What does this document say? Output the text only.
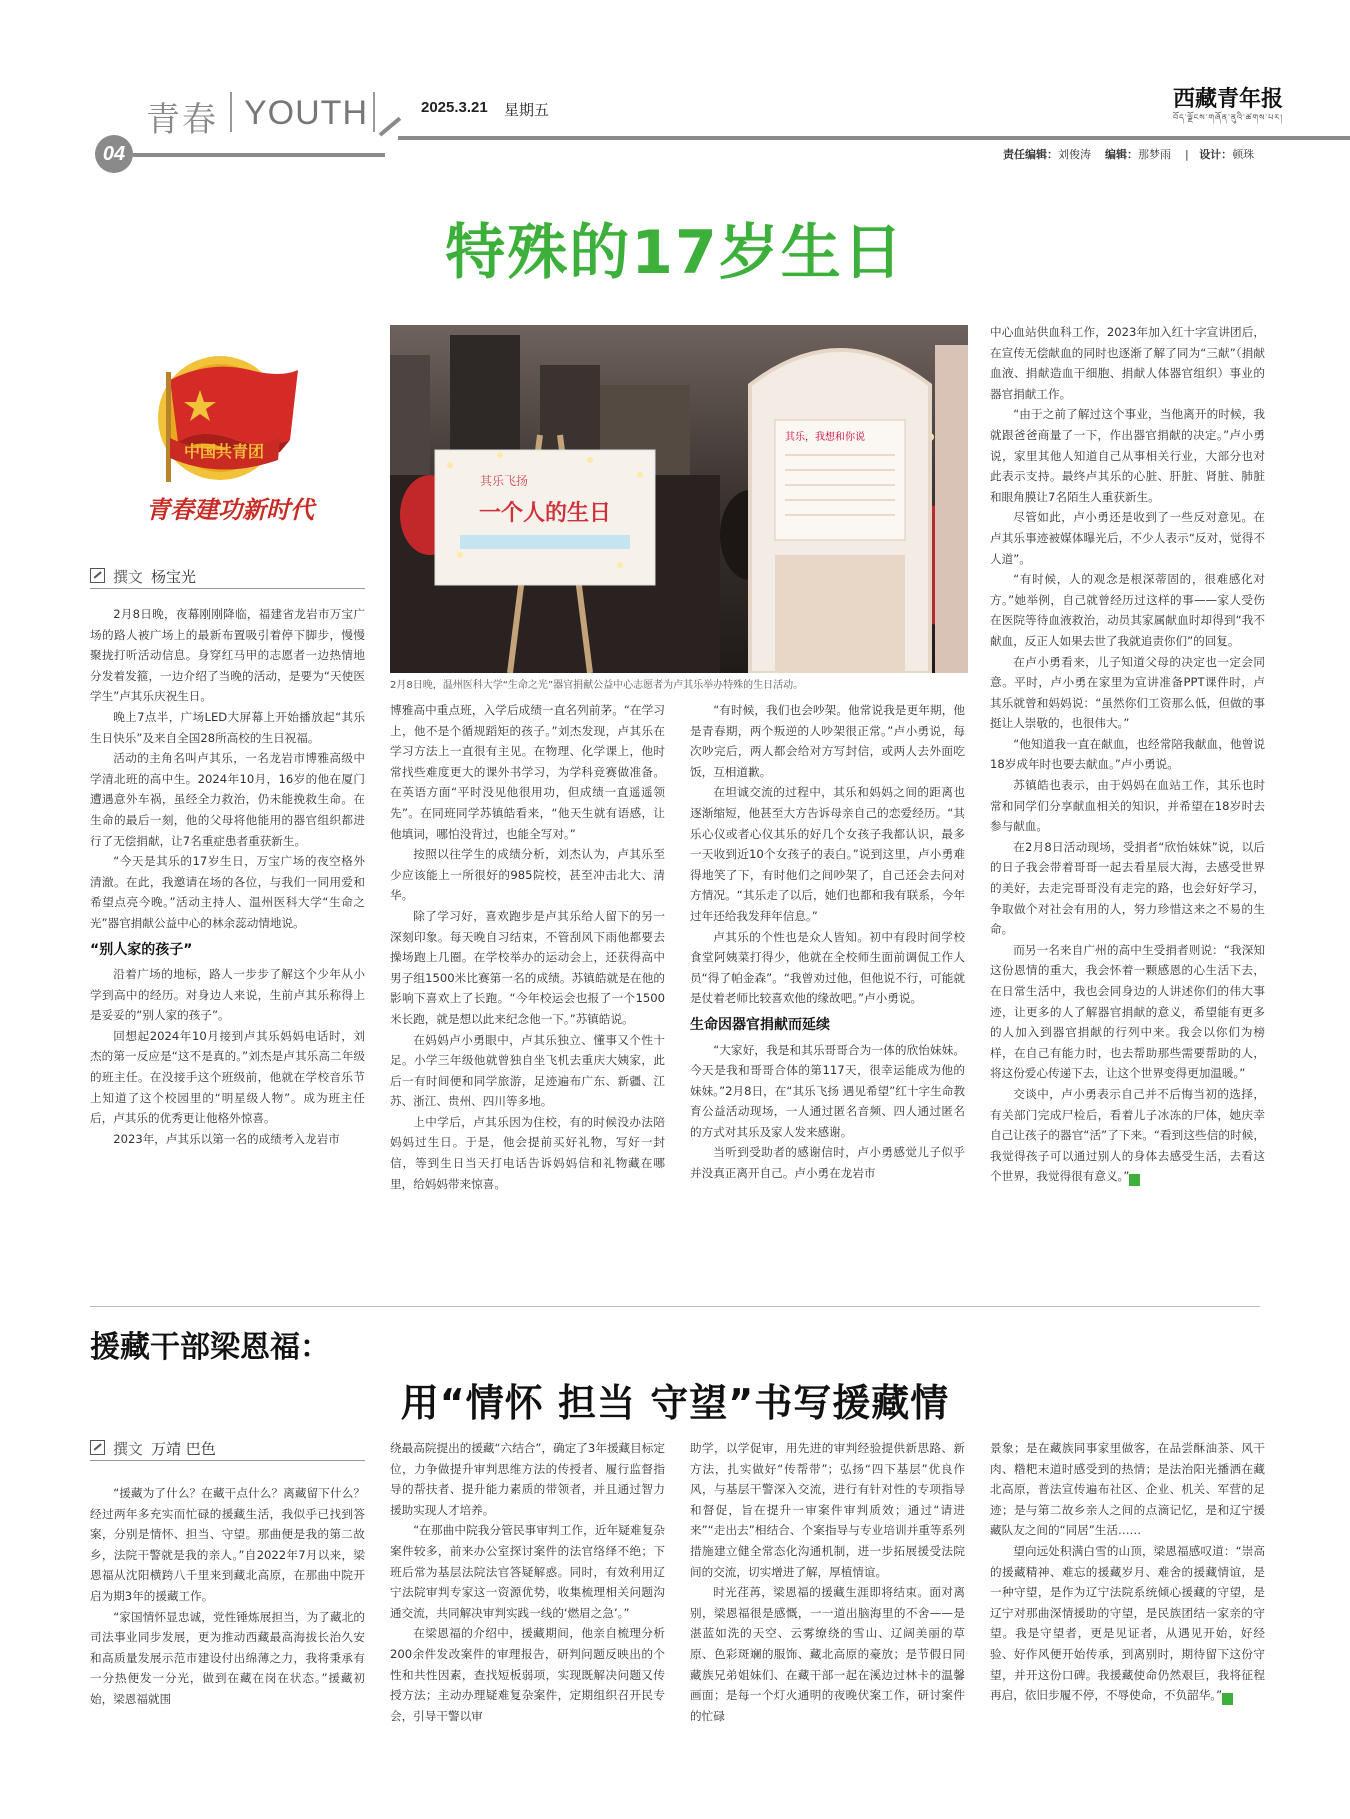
青春 YOUTH	2025.3.21 星期五	西藏青年报
བོད་ལྗོངས་གཞོན་ནུའི་ཚགས་པར།
04	责任编辑：刘俊涛 编辑：那梦雨    |   设计：顿珠
特殊的17岁生日
中国共青团
青春建功新时代
撰文 杨宝光
其乐飞扬
一个人的生日
其乐，我想和你说
2月8日晚，温州医科大学“生命之光”器官捐献公益中心志愿者为卢其乐举办特殊的生日活动。

2月8日晚，夜幕刚刚降临，福建省龙岩市万宝广场的路人被广场上的最新布置吸引着停下脚步，慢慢聚拢打听活动信息。身穿红马甲的志愿者一边热情地分发着发箍，一边介绍了当晚的活动，是要为“天使医学生”卢其乐庆祝生日。

晚上7点半，广场LED大屏幕上开始播放起“其乐生日快乐”及来自全国28所高校的生日祝福。

活动的主角名叫卢其乐，一名龙岩市博雅高级中学清北班的高中生。2024年10月，16岁的他在厦门遭遇意外车祸，虽经全力救治，仍未能挽救生命。在生命的最后一刻，他的父母将他能用的器官组织都进行了无偿捐献，让7名重症患者重获新生。

“今天是其乐的17岁生日，万宝广场的夜空格外清澈。在此，我邀请在场的各位，与我们一同用爱和希望点亮今晚。”活动主持人、温州医科大学“生命之光”器官捐献公益中心的林余蕊动情地说。

“别人家的孩子”

沿着广场的地标，路人一步步了解这个少年从小学到高中的经历。对身边人来说，生前卢其乐称得上是妥妥的“别人家的孩子”。

回想起2024年10月接到卢其乐妈妈电话时，刘杰的第一反应是“这不是真的。”刘杰是卢其乐高二年级的班主任。在没接手这个班级前，他就在学校音乐节上知道了这个校园里的“明星级人物”。成为班主任后，卢其乐的优秀更让他格外惊喜。

2023年，卢其乐以第一名的成绩考入龙岩市

博雅高中重点班，入学后成绩一直名列前茅。“在学习上，他不是个循规蹈矩的孩子。”刘杰发现，卢其乐在学习方法上一直很有主见。在物理、化学课上，他时常找些难度更大的课外书学习，为学科竞赛做准备。在英语方面“平时没见他很用功，但成绩一直遥遥领先”。在同班同学苏镇皓看来，“他天生就有语感，让他填词，哪怕没背过，也能全写对。”

按照以往学生的成绩分析，刘杰认为，卢其乐至少应该能上一所很好的985院校，甚至冲击北大、清华。

除了学习好，喜欢跑步是卢其乐给人留下的另一深刻印象。每天晚自习结束，不管刮风下雨他都要去操场跑上几圈。在学校举办的运动会上，还获得高中男子组1500米比赛第一名的成绩。苏镇皓就是在他的影响下喜欢上了长跑。“今年校运会也报了一个1500米长跑，就是想以此来纪念他一下。”苏镇皓说。

在妈妈卢小勇眼中，卢其乐独立、懂事又个性十足。小学三年级他就曾独自坐飞机去重庆大姨家，此后一有时间便和同学旅游，足迹遍布广东、新疆、江苏、浙江、贵州、四川等多地。

上中学后，卢其乐因为住校，有的时候没办法陪妈妈过生日。于是，他会提前买好礼物，写好一封信，等到生日当天打电话告诉妈妈信和礼物藏在哪里，给妈妈带来惊喜。

“有时候，我们也会吵架。他常说我是更年期，他是青春期，两个叛逆的人吵架很正常。”卢小勇说，每次吵完后，两人都会给对方写封信，或两人去外面吃饭，互相道歉。

在坦诚交流的过程中，其乐和妈妈之间的距离也逐渐缩短，他甚至大方告诉母亲自己的恋爱经历。“其乐心仪或者心仪其乐的好几个女孩子我都认识，最多一天收到近10个女孩子的表白。”说到这里，卢小勇难得地笑了下，有时他们之间吵架了，自己还会去问对方情况。“其乐走了以后，她们也都和我有联系，今年过年还给我发拜年信息。”

卢其乐的个性也是众人皆知。初中有段时间学校食堂阿姨菜打得少，他就在全校师生面前调侃工作人员“得了帕金森”。“我曾劝过他，但他说不行，可能就是仗着老师比较喜欢他的缘故吧。”卢小勇说。

生命因器官捐献而延续

“大家好，我是和其乐哥哥合为一体的欣怡妹妹。今天是我和哥哥合体的第117天，很幸运能成为他的妹妹。”2月8日，在“其乐飞扬 遇见希望”红十字生命教育公益活动现场，一人通过匿名音频、四人通过匿名的方式对其乐及家人发来感谢。

当听到受助者的感谢信时，卢小勇感觉儿子似乎并没真正离开自己。卢小勇在龙岩市

中心血站供血科工作，2023年加入红十字宣讲团后，在宣传无偿献血的同时也逐渐了解了同为“三献”（捐献血液、捐献造血干细胞、捐献人体器官组织）事业的器官捐献工作。

“由于之前了解过这个事业，当他离开的时候，我就跟爸爸商量了一下，作出器官捐献的决定。”卢小勇说，家里其他人知道自己从事相关行业，大部分也对此表示支持。最终卢其乐的心脏、肝脏、肾脏、肺脏和眼角膜让7名陌生人重获新生。

尽管如此，卢小勇还是收到了一些反对意见。在卢其乐事迹被媒体曝光后，不少人表示“反对，觉得不人道”。

“有时候，人的观念是根深蒂固的，很难感化对方。”她举例，自己就曾经历过这样的事——家人受伤在医院等待血液救治，动员其家属献血时却得到“我不献血，反正人如果去世了我就追责你们”的回复。

在卢小勇看来，儿子知道父母的决定也一定会同意。平时，卢小勇在家里为宣讲准备PPT课件时，卢其乐就曾和妈妈说：“虽然你们工资那么低，但做的事挺让人崇敬的，也很伟大。”

“他知道我一直在献血，也经常陪我献血，他曾说18岁成年时也要去献血。”卢小勇说。

苏镇皓也表示，由于妈妈在血站工作，其乐也时常和同学们分享献血相关的知识，并希望在18岁时去参与献血。

在2月8日活动现场，受捐者“欣怡妹妹”说，以后的日子我会带着哥哥一起去看星辰大海，去感受世界的美好，去走完哥哥没有走完的路，也会好好学习，争取做个对社会有用的人，努力珍惜这来之不易的生命。

而另一名来自广州的高中生受捐者则说：“我深知这份恩情的重大，我会怀着一颗感恩的心生活下去，在日常生活中，我也会同身边的人讲述你们的伟大事迹，让更多的人了解器官捐献的意义，希望能有更多的人加入到器官捐献的行列中来。我会以你们为榜样，在自己有能力时，也去帮助那些需要帮助的人，将这份爱心传递下去，让这个世界变得更加温暖。”

交谈中，卢小勇表示自己并不后悔当初的选择，有关部门完成尸检后，看着儿子冰冻的尸体，她庆幸自己让孩子的器官“活”了下来。“看到这些信的时候，我觉得孩子可以通过别人的身体去感受生活，去看这个世界，我觉得很有意义。”	青

援藏干部梁恩福：
用“情怀 担当 守望”书写援藏情
撰文 万靖 巴色

“援藏为了什么？在藏干点什么？离藏留下什么？经过两年多充实而忙碌的援藏生活，我似乎已找到答案，分别是情怀、担当、守望。那曲便是我的第二故乡，法院干警就是我的亲人。”自2022年7月以来，梁恩福从沈阳横跨八千里来到藏北高原，在那曲中院开启为期3年的援藏工作。

“家国情怀显忠诚，党性锤炼展担当，为了藏北的司法事业同步发展，更为推动西藏最高海拔长治久安和高质量发展示范市建设付出绵薄之力，我将秉承有一分热便发一分光，做到在藏在岗在状态。”援藏初始，梁恩福就围

绕最高院提出的援藏“六结合”，确定了3年援藏目标定位，力争做提升审判思维方法的传授者、履行监督指导的帮扶者、提升能力素质的带领者，并且通过智力援助实现人才培养。

“在那曲中院我分管民事审判工作，近年疑难复杂案件较多，前来办公室探讨案件的法官络绎不绝；下班后常为基层法院法官答疑解惑。同时，有效利用辽宁法院审判专家这一资源优势，收集梳理相关问题沟通交流，共同解决审判实践一线的‘燃眉之急’。”

在梁恩福的介绍中，援藏期间，他亲自梳理分析200余件发改案件的审理报告，研判问题反映出的个性和共性因素，查找短板弱项，实现既解决问题又传授方法；主动办理疑难复杂案件，定期组织召开民专会，引导干警以审

助学，以学促审，用先进的审判经验提供新思路、新方法，扎实做好“传帮带”；弘扬“四下基层”优良作风，与基层干警深入交流，进行有针对性的专项指导和督促，旨在提升一审案件审判质效；通过“请进来”“走出去”相结合、个案指导与专业培训并重等系列措施建立健全常态化沟通机制，进一步拓展援受法院间的交流，切实增进了解，厚植情谊。

时光荏苒，梁恩福的援藏生涯即将结束。面对离别，梁恩福很是感慨，一一道出脑海里的不舍——是湛蓝如洗的天空、云雾缭绕的雪山、辽阔美丽的草原、色彩斑斓的服饰、藏北高原的豪放；是节假日同藏族兄弟姐妹们、在藏干部一起在溪边过林卡的温馨画面；是每一个灯火通明的夜晚伏案工作，研讨案件的忙碌

景象；是在藏族同事家里做客，在品尝酥油茶、风干肉、糌粑末道时感受到的热情；是法治阳光播洒在藏北高原，普法宣传遍布社区、企业、机关、军营的足迹；是与第二故乡亲人之间的点滴记忆，是和辽宁援藏队友之间的“同居”生活……

望向远处积满白雪的山顶，梁恩福感叹道：“崇高的援藏精神、难忘的援藏岁月、难舍的援藏情谊，是一种守望，是作为辽宁法院系统倾心援藏的守望，是辽宁对那曲深情援助的守望，是民族团结一家亲的守望。我是守望者，更是见证者，从遇见开始，好经验、好作风便开始传承，到离别时，期待留下这份守望，并开这份口碑。我援藏使命仍然艰巨，我将征程再启，依旧步履不停，不辱使命，不负韶华。”	青
